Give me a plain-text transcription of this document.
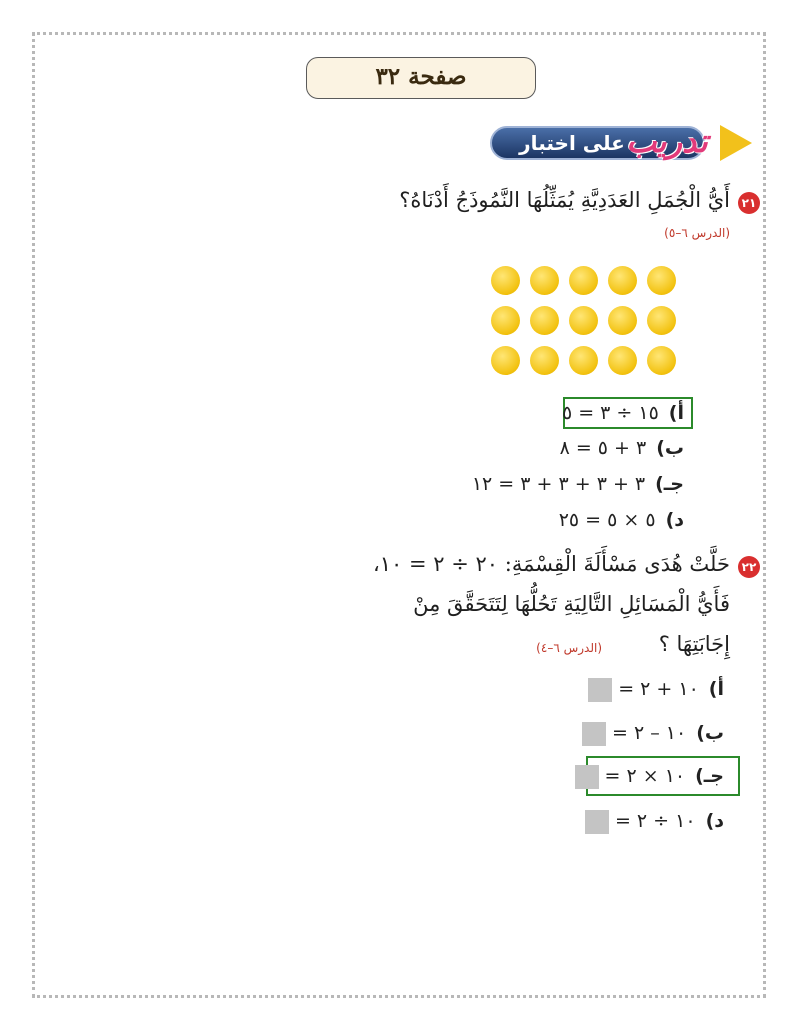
صفحة ٣٢
على اختبار تدريب
٢١
أَيُّ الْجُمَلِ العَدَدِيَّةِ يُمَثِّلُهَا النَّمُوذَجُ أَدْنَاهُ؟
(الدرس ٦–٥)
أ)١٥ ÷ ٣ = ٥
ب)٣ + ٥ = ٨
جـ)٣ + ٣ + ٣ + ٣ = ١٢
د)٥ × ٥ = ٢٥
٢٢
حَلَّتْ هُدَى مَسْأَلَةَ الْقِسْمَةِ: ٢٠ ÷ ٢ = ١٠،
فَأَيُّ الْمَسَائِلِ التَّالِيَةِ تَحُلُّهَا لِتَتَحَقَّقَ مِنْ
إِجَابَتِهَا ؟
(الدرس ٦–٤)
أ)١٠ + ٢ =
ب)١٠ – ٢ =
جـ)١٠ × ٢ =
د)١٠ ÷ ٢ =
